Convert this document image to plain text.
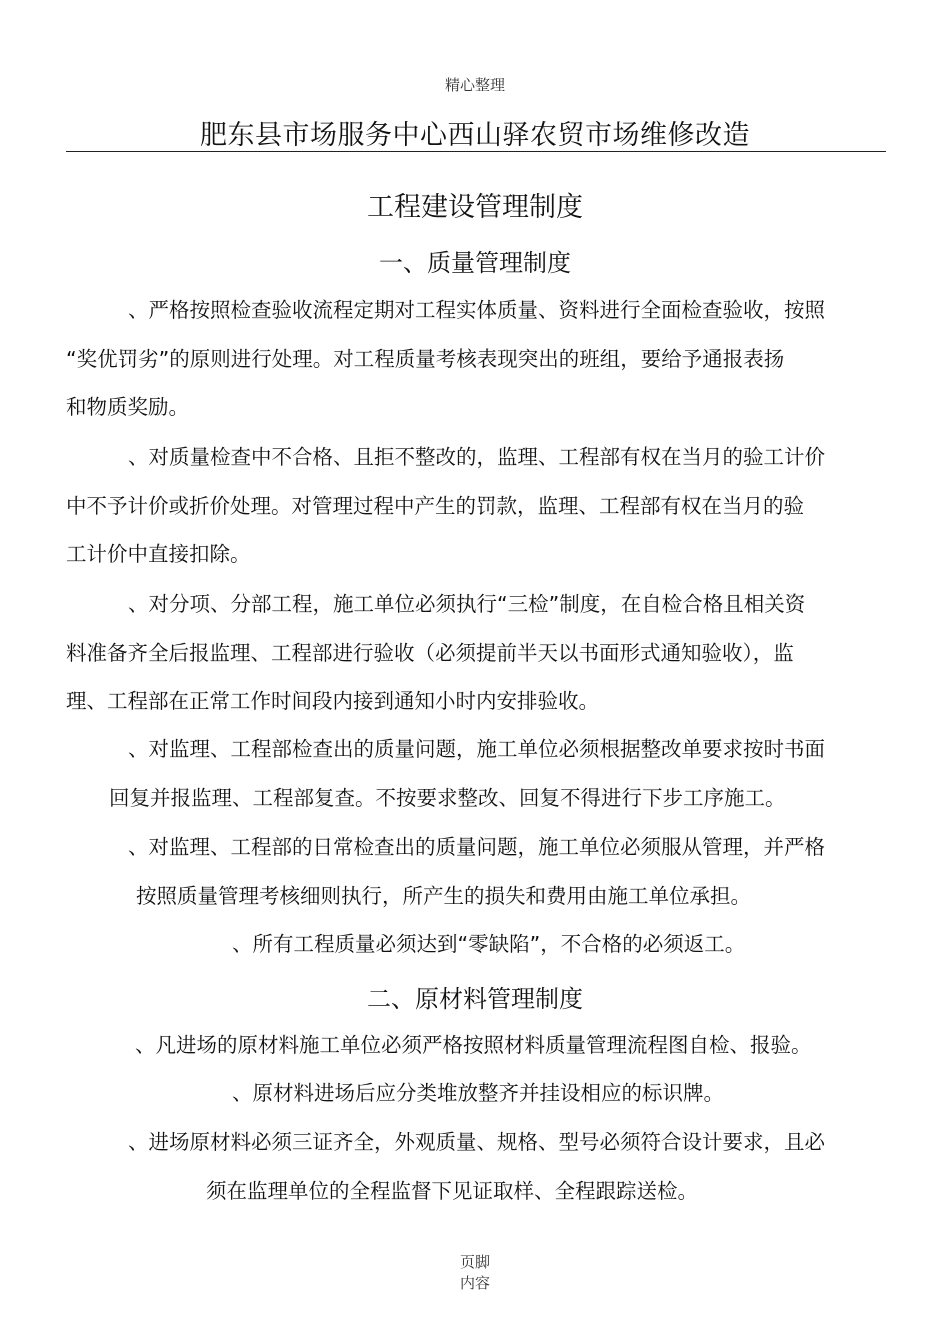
精心整理
肥东县市场服务中心西山驿农贸市场维修改造
工程建设管理制度
一、质量管理制度
、严格按照检查验收流程定期对工程实体质量、资料进行全面检查验收，按照
“奖优罚劣”的原则进行处理。对工程质量考核表现突出的班组，要给予通报表扬
和物质奖励。
、对质量检查中不合格、且拒不整改的，监理、工程部有权在当月的验工计价
中不予计价或折价处理。对管理过程中产生的罚款，监理、工程部有权在当月的验
工计价中直接扣除。
、对分项、分部工程，施工单位必须执行“三检”制度，在自检合格且相关资
料准备齐全后报监理、工程部进行验收（必须提前半天以书面形式通知验收），监
理、工程部在正常工作时间段内接到通知小时内安排验收。
、对监理、工程部检查出的质量问题，施工单位必须根据整改单要求按时书面
回复并报监理、工程部复查。不按要求整改、回复不得进行下步工序施工。
、对监理、工程部的日常检查出的质量问题，施工单位必须服从管理，并严格
按照质量管理考核细则执行，所产生的损失和费用由施工单位承担。
、所有工程质量必须达到“零缺陷”，不合格的必须返工。
二、原材料管理制度
、凡进场的原材料施工单位必须严格按照材料质量管理流程图自检、报验。
、原材料进场后应分类堆放整齐并挂设相应的标识牌。
、进场原材料必须三证齐全，外观质量、规格、型号必须符合设计要求，且必
须在监理单位的全程监督下见证取样、全程跟踪送检。
页脚
内容
